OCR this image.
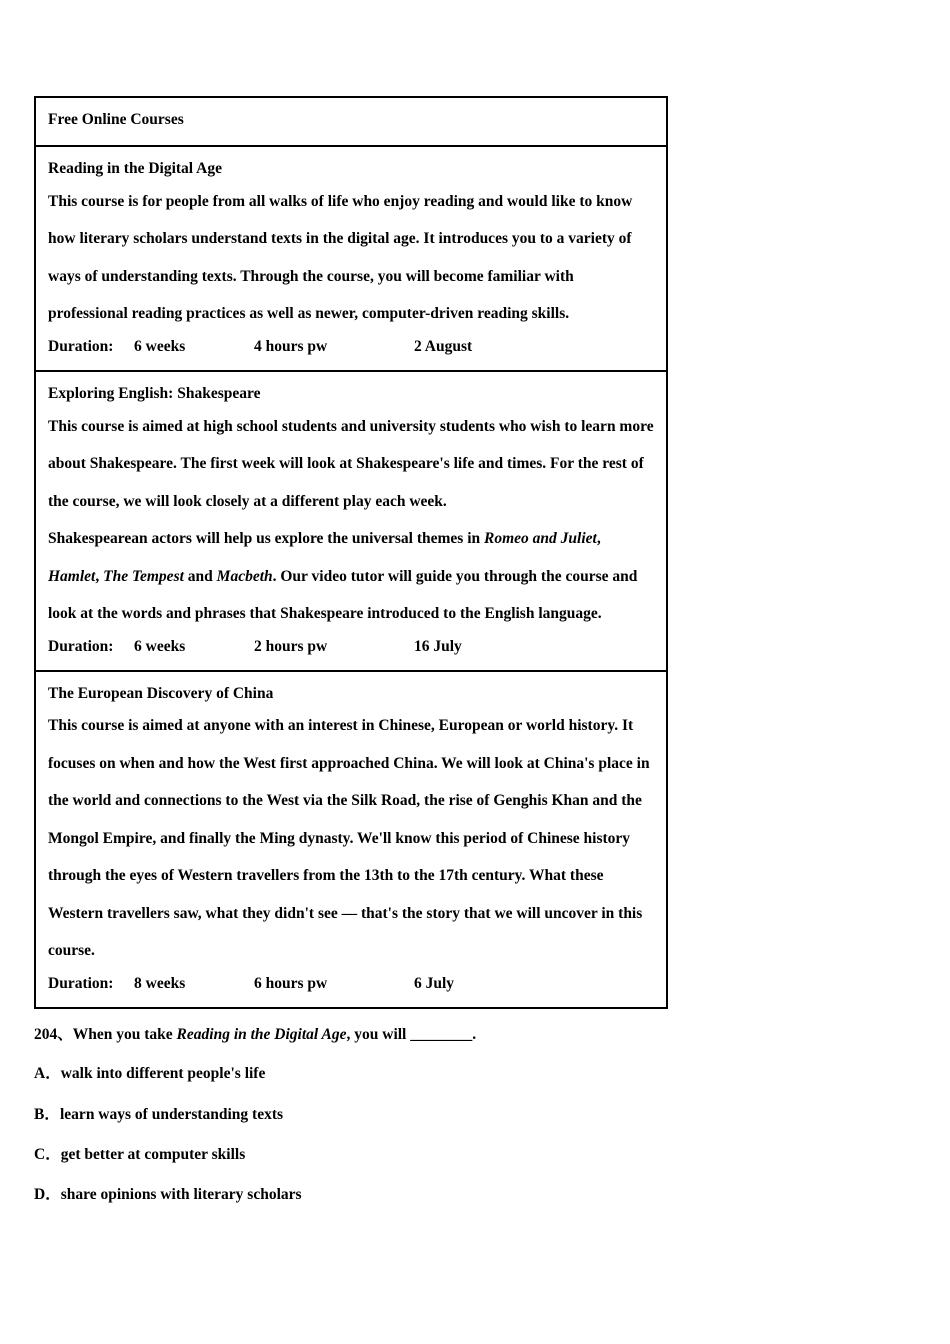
Free Online Courses
Reading in the Digital Age
This course is for people from all walks of life who enjoy reading and would like to know how literary scholars understand texts in the digital age. It introduces you to a variety of ways of understanding texts. Through the course, you will become familiar with professional reading practices as well as newer, computer-driven reading skills.
Duration:	6 weeks	4 hours pw	2 August
Exploring English: Shakespeare
This course is aimed at high school students and university students who wish to learn more about Shakespeare. The first week will look at Shakespeare's life and times. For the rest of the course, we will look closely at a different play each week.
Shakespearean actors will help us explore the universal themes in Romeo and Juliet, Hamlet, The Tempest and Macbeth. Our video tutor will guide you through the course and look at the words and phrases that Shakespeare introduced to the English language.
Duration:	6 weeks	2 hours pw	16 July
The European Discovery of China
This course is aimed at anyone with an interest in Chinese, European or world history. It focuses on when and how the West first approached China. We will look at China's place in the world and connections to the West via the Silk Road, the rise of Genghis Khan and the Mongol Empire, and finally the Ming dynasty. We'll know this period of Chinese history through the eyes of Western travellers from the 13th to the 17th century. What these Western travellers saw, what they didn't see — that's the story that we will uncover in this course.
Duration:	8 weeks	6 hours pw	6 July
204、When you take Reading in the Digital Age, you will ________.
A． walk into different people's life
B． learn ways of understanding texts
C． get better at computer skills
D． share opinions with literary scholars
